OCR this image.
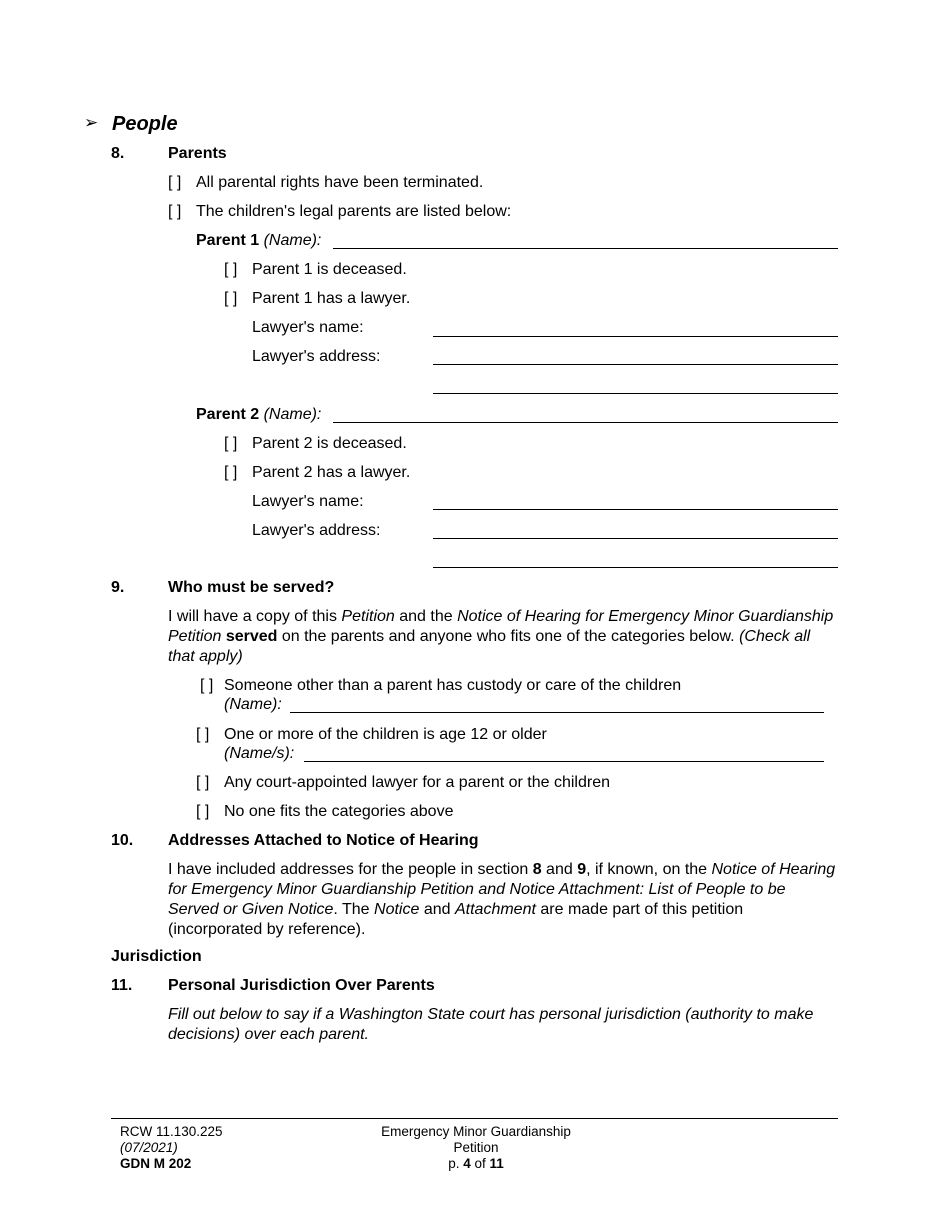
➢ People
8.	Parents
[ ] All parental rights have been terminated.
[ ] The children's legal parents are listed below:
Parent 1 (Name):
[ ] Parent 1 is deceased.
[ ] Parent 1 has a lawyer.
Lawyer's name:
Lawyer's address:
Parent 2 (Name):
[ ] Parent 2 is deceased.
[ ] Parent 2 has a lawyer.
Lawyer's name:
Lawyer's address:
9.	Who must be served?
I will have a copy of this Petition and the Notice of Hearing for Emergency Minor Guardianship Petition served on the parents and anyone who fits one of the categories below. (Check all that apply)
[ ] Someone other than a parent has custody or care of the children
(Name):
[ ] One or more of the children is age 12 or older
(Name/s):
[ ] Any court-appointed lawyer for a parent or the children
[ ] No one fits the categories above
10. Addresses Attached to Notice of Hearing
I have included addresses for the people in section 8 and 9, if known, on the Notice of Hearing for Emergency Minor Guardianship Petition and Notice Attachment: List of People to be Served or Given Notice. The Notice and Attachment are made part of this petition (incorporated by reference).
Jurisdiction
11. Personal Jurisdiction Over Parents
Fill out below to say if a Washington State court has personal jurisdiction (authority to make decisions) over each parent.
RCW 11.130.225
(07/2021)
GDN M 202
Emergency Minor Guardianship
Petition
p. 4 of 11
